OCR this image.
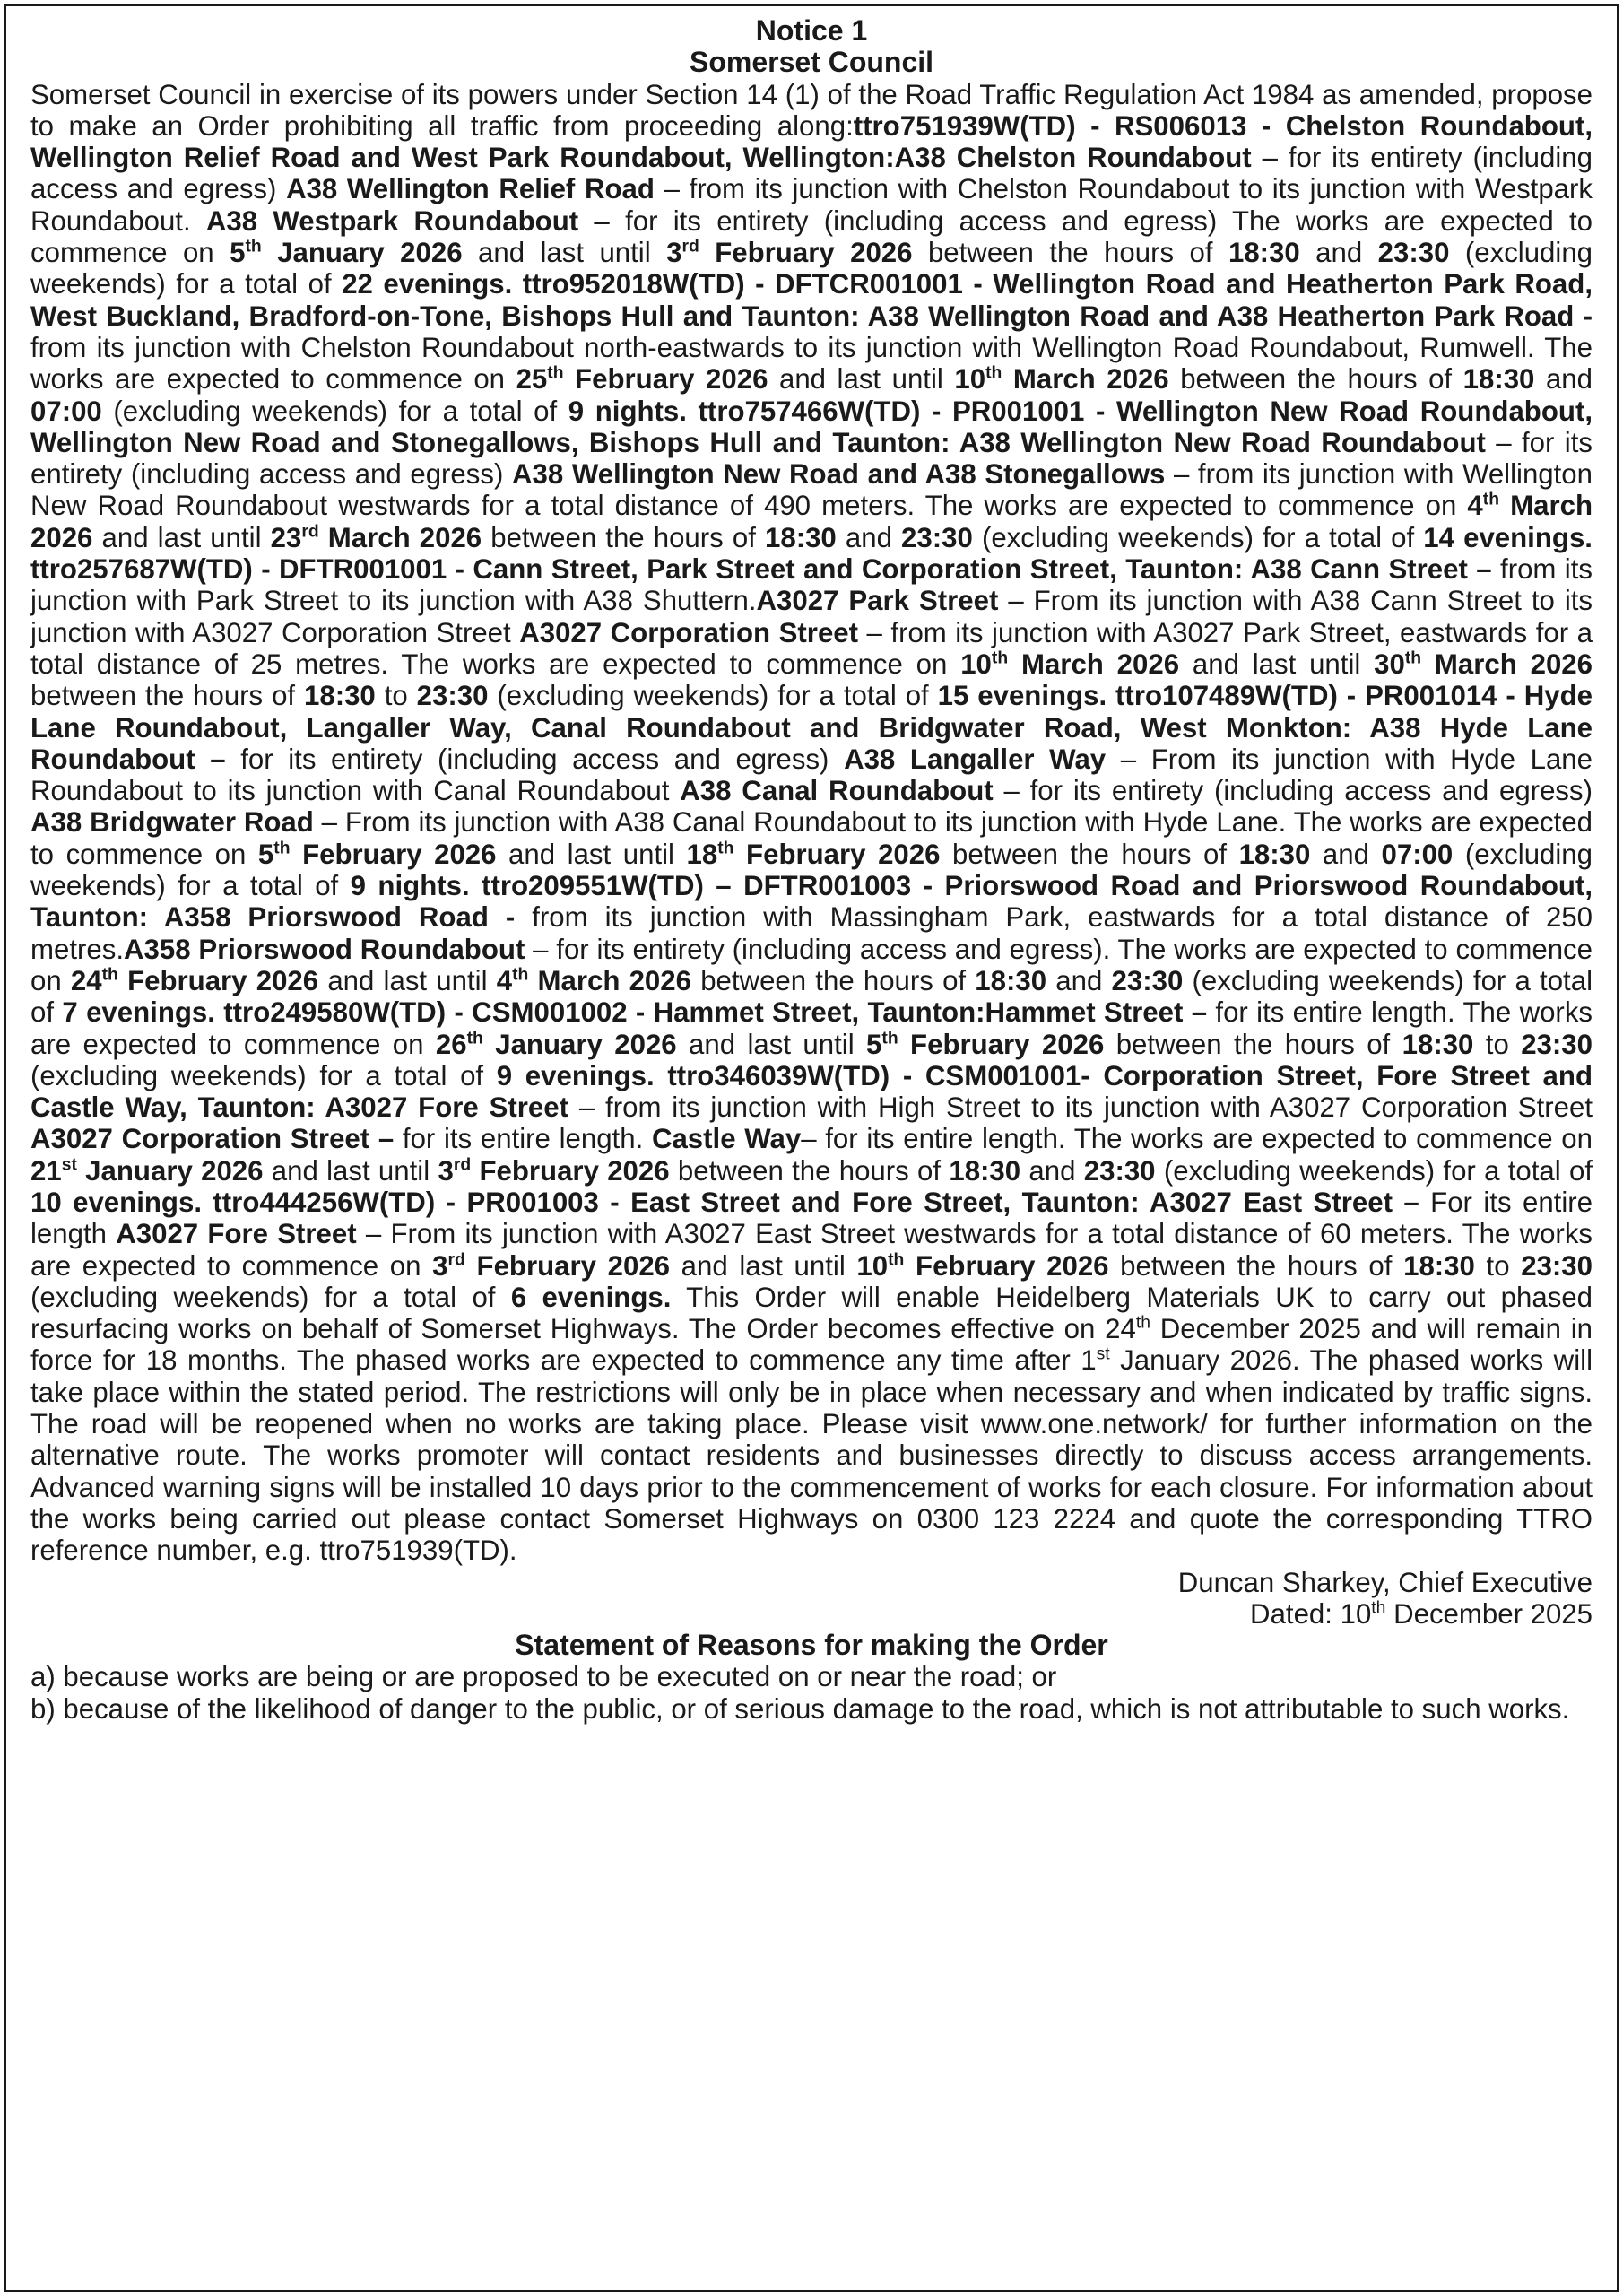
Notice 1

Somerset Council

Somerset Council in exercise of its powers under Section 14 (1) of the Road Traffic Regulation Act 1984 as amended, propose to make an Order prohibiting all traffic from proceeding along:ttro751939W(TD) - RS006013 - Chelston Roundabout, Wellington Relief Road and West Park Roundabout, Wellington:A38 Chelston Roundabout – for its entirety (including access and egress) A38 Wellington Relief Road – from its junction with Chelston Roundabout to its junction with Westpark Roundabout. A38 Westpark Roundabout – for its entirety (including access and egress) The works are expected to commence on 5th January 2026 and last until 3rd February 2026 between the hours of 18:30 and 23:30 (excluding weekends) for a total of 22 evenings. ttro952018W(TD) - DFTCR001001 - Wellington Road and Heatherton Park Road, West Buckland, Bradford-on-Tone, Bishops Hull and Taunton: A38 Wellington Road and A38 Heatherton Park Road - from its junction with Chelston Roundabout north-eastwards to its junction with Wellington Road Roundabout, Rumwell. The works are expected to commence on 25th February 2026 and last until 10th March 2026 between the hours of 18:30 and 07:00 (excluding weekends) for a total of 9 nights. ttro757466W(TD) - PR001001 - Wellington New Road Roundabout, Wellington New Road and Stonegallows, Bishops Hull and Taunton: A38 Wellington New Road Roundabout – for its entirety (including access and egress) A38 Wellington New Road and A38 Stonegallows – from its junction with Wellington New Road Roundabout westwards for a total distance of 490 meters. The works are expected to commence on 4th March 2026 and last until 23rd March 2026 between the hours of 18:30 and 23:30 (excluding weekends) for a total of 14 evenings. ttro257687W(TD) - DFTR001001 - Cann Street, Park Street and Corporation Street, Taunton: A38 Cann Street – from its junction with Park Street to its junction with A38 Shuttern.A3027 Park Street – From its junction with A38 Cann Street to its junction with A3027 Corporation Street A3027 Corporation Street – from its junction with A3027 Park Street, eastwards for a total distance of 25 metres. The works are expected to commence on 10th March 2026 and last until 30th March 2026 between the hours of 18:30 to 23:30 (excluding weekends) for a total of 15 evenings. ttro107489W(TD) - PR001014 - Hyde Lane Roundabout, Langaller Way, Canal Roundabout and Bridgwater Road, West Monkton: A38 Hyde Lane Roundabout – for its entirety (including access and egress) A38 Langaller Way – From its junction with Hyde Lane Roundabout to its junction with Canal Roundabout A38 Canal Roundabout – for its entirety (including access and egress) A38 Bridgwater Road – From its junction with A38 Canal Roundabout to its junction with Hyde Lane. The works are expected to commence on 5th February 2026 and last until 18th February 2026 between the hours of 18:30 and 07:00 (excluding weekends) for a total of 9 nights. ttro209551W(TD) – DFTR001003 - Priorswood Road and Priorswood Roundabout, Taunton: A358 Priorswood Road - from its junction with Massingham Park, eastwards for a total distance of 250 metres.A358 Priorswood Roundabout – for its entirety (including access and egress). The works are expected to commence on 24th February 2026 and last until 4th March 2026 between the hours of 18:30 and 23:30 (excluding weekends) for a total of 7 evenings. ttro249580W(TD) - CSM001002 - Hammet Street, Taunton:Hammet Street – for its entire length. The works are expected to commence on 26th January 2026 and last until 5th February 2026 between the hours of 18:30 to 23:30 (excluding weekends) for a total of 9 evenings. ttro346039W(TD) - CSM001001- Corporation Street, Fore Street and Castle Way, Taunton: A3027 Fore Street – from its junction with High Street to its junction with A3027 Corporation Street A3027 Corporation Street – for its entire length. Castle Way– for its entire length. The works are expected to commence on 21st January 2026 and last until 3rd February 2026 between the hours of 18:30 and 23:30 (excluding weekends) for a total of 10 evenings. ttro444256W(TD) - PR001003 - East Street and Fore Street, Taunton: A3027 East Street – For its entire length A3027 Fore Street – From its junction with A3027 East Street westwards for a total distance of 60 meters. The works are expected to commence on 3rd February 2026 and last until 10th February 2026 between the hours of 18:30 to 23:30 (excluding weekends) for a total of 6 evenings. This Order will enable Heidelberg Materials UK to carry out phased resurfacing works on behalf of Somerset Highways. The Order becomes effective on 24th December 2025 and will remain in force for 18 months. The phased works are expected to commence any time after 1st January 2026. The phased works will take place within the stated period. The restrictions will only be in place when necessary and when indicated by traffic signs. The road will be reopened when no works are taking place. Please visit www.one.network/ for further information on the alternative route. The works promoter will contact residents and businesses directly to discuss access arrangements. Advanced warning signs will be installed 10 days prior to the commencement of works for each closure. For information about the works being carried out please contact Somerset Highways on 0300 123 2224 and quote the corresponding TTRO reference number, e.g. ttro751939(TD).

Duncan Sharkey, Chief Executive

Dated: 10th December 2025

Statement of Reasons for making the Order

a) because works are being or are proposed to be executed on or near the road; or

b) because of the likelihood of danger to the public, or of serious damage to the road, which is not attributable to such works.
